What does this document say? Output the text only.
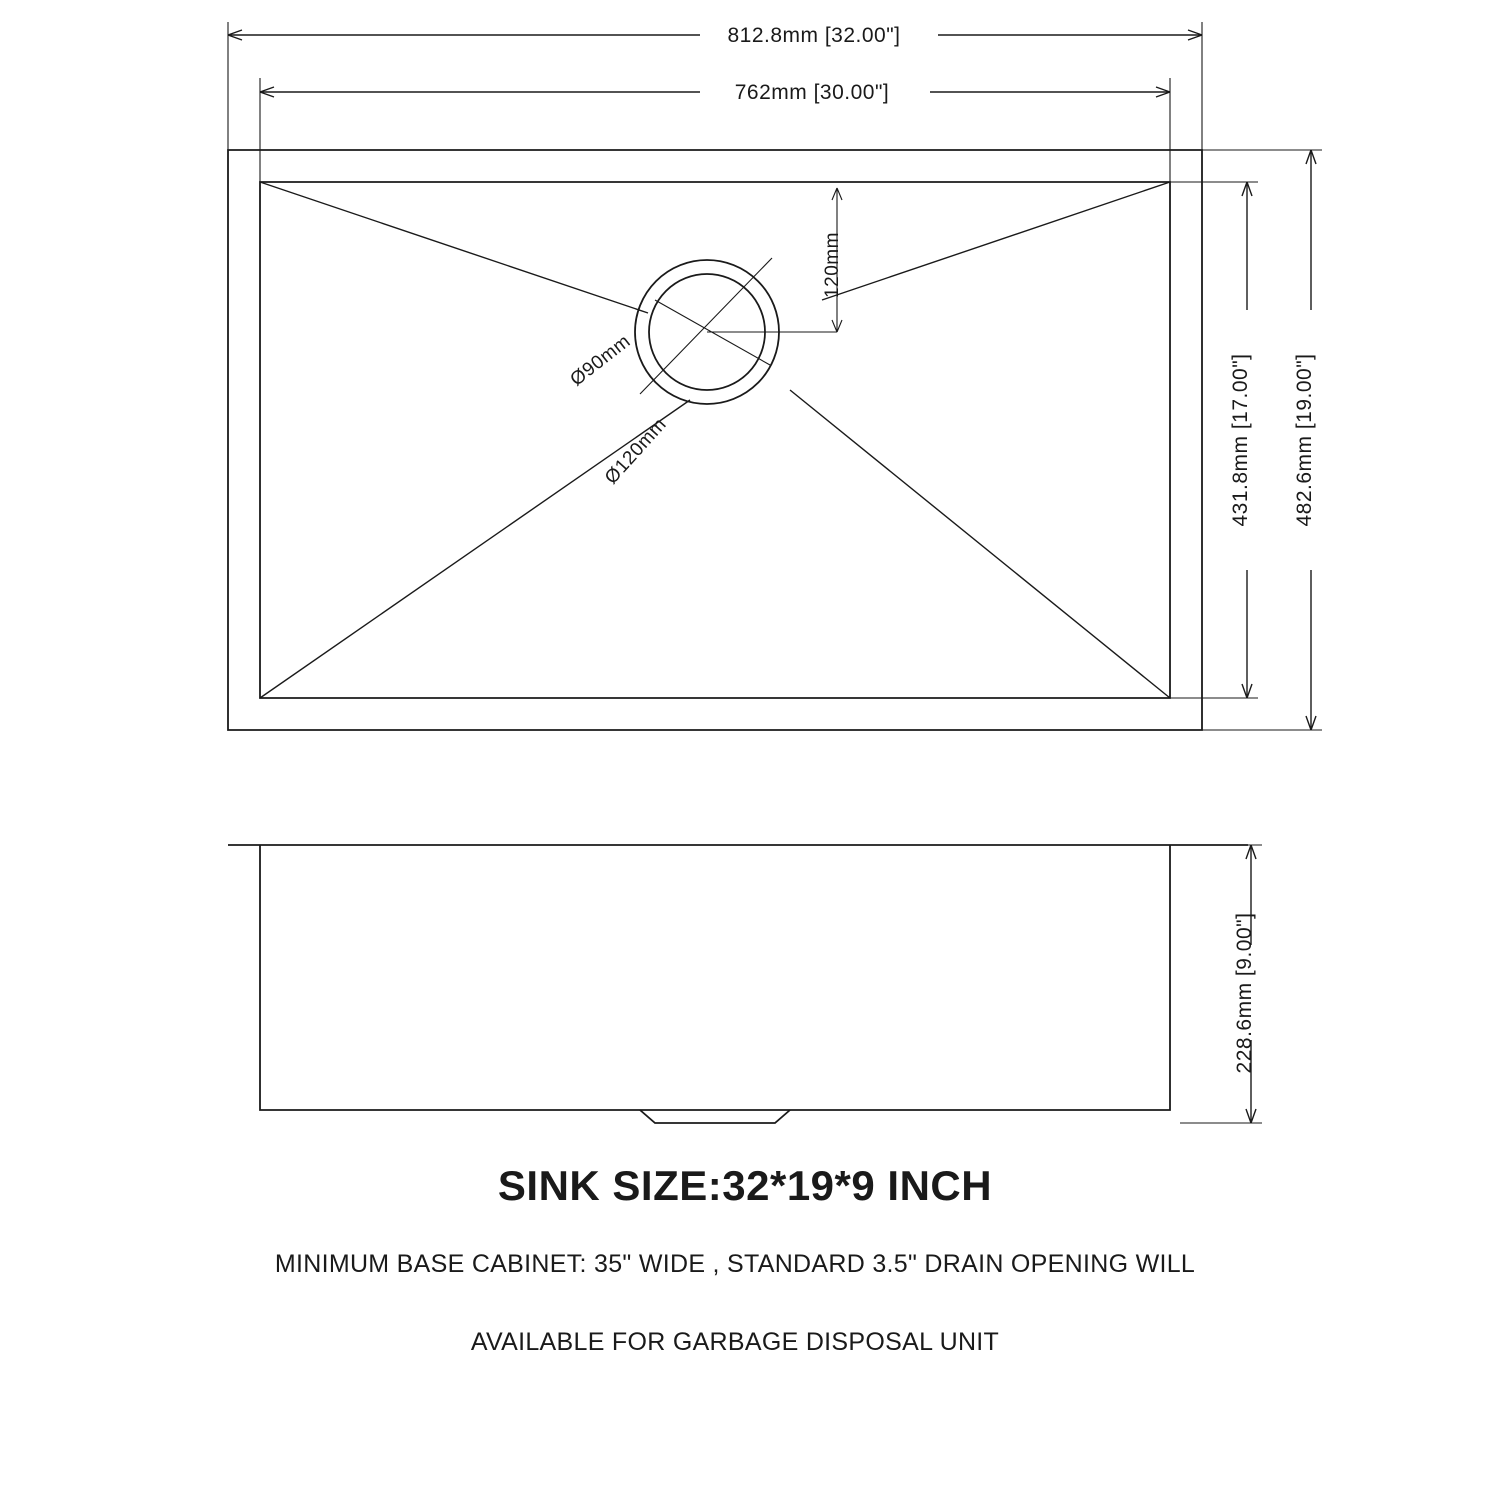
812.8mm [32.00"]
762mm [30.00"]
120mm
Ø90mm
Ø120mm	431.8mm [17.00"] 482.6mm [19.00"]
228.6mm [9.00"]
SINK SIZE:32*19*9 INCH
MINIMUM BASE CABINET: 35" WIDE , STANDARD 3.5" DRAIN OPENING WILL
AVAILABLE FOR GARBAGE DISPOSAL UNIT
